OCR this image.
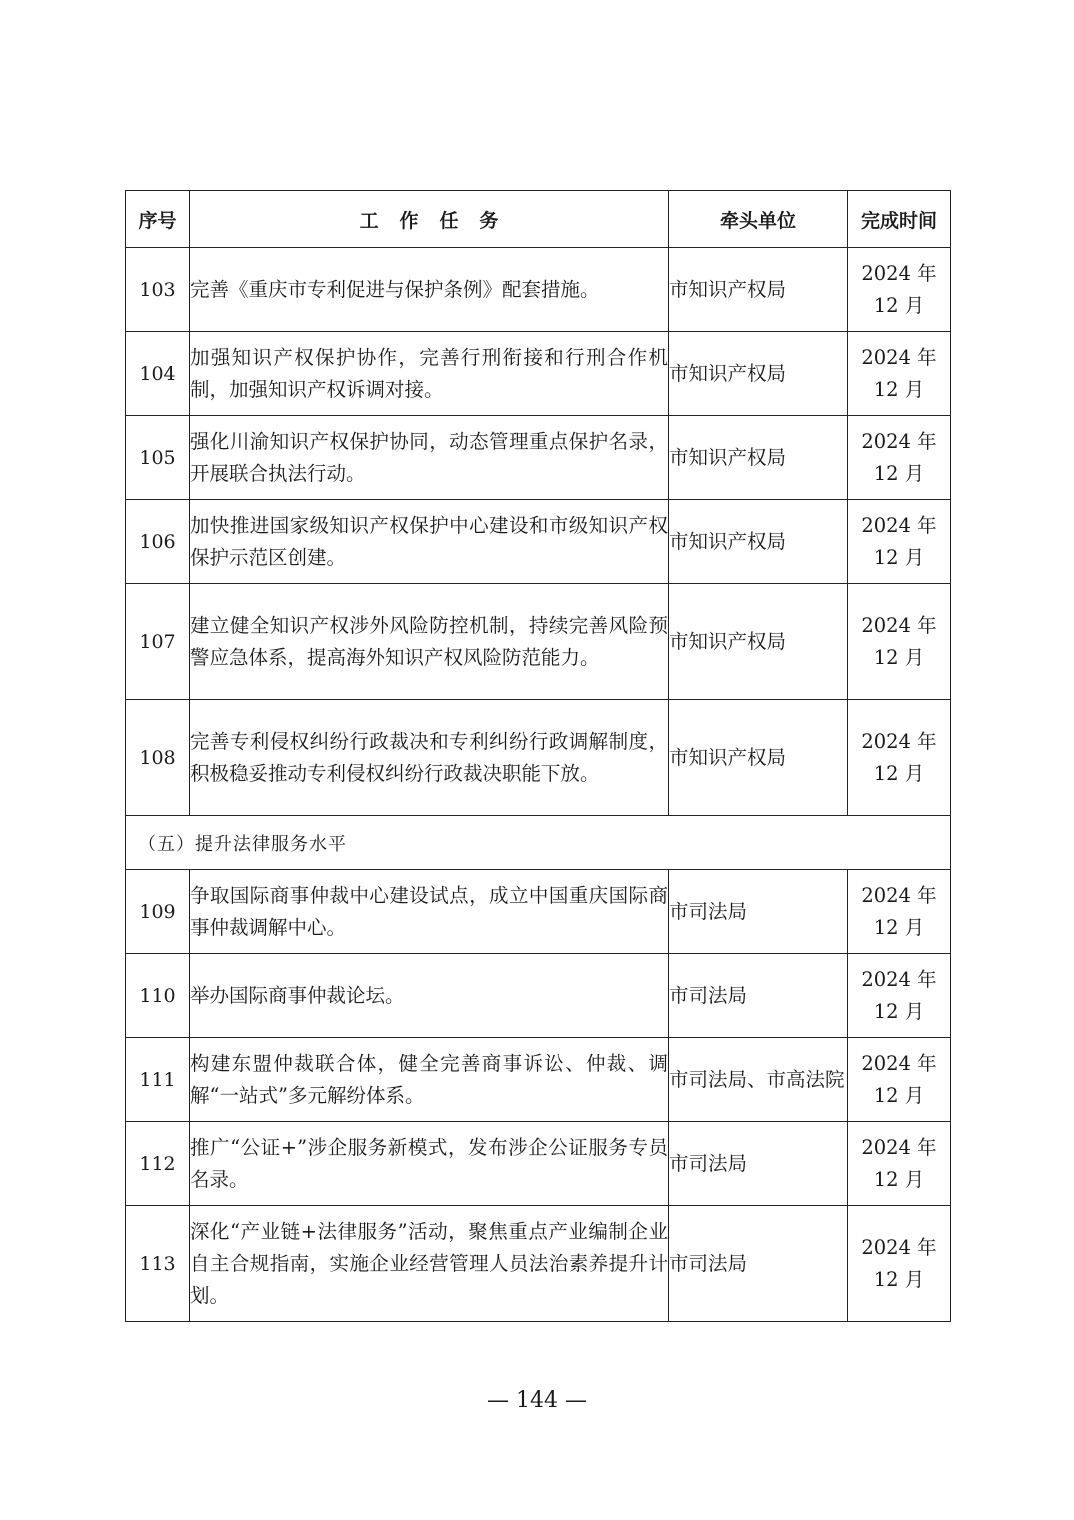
序号	工作任务	牵头单位	完成时间
103	完善《重庆市专利促进与保护条例》配套措施。	市知识产权局	2024 年 12 月
104	加强知识产权保护协作，完善行刑衔接和行刑合作机制，加强知识产权诉调对接。	市知识产权局	2024 年 12 月
105	强化川渝知识产权保护协同，动态管理重点保护名录，开展联合执法行动。	市知识产权局	2024 年 12 月
106	加快推进国家级知识产权保护中心建设和市级知识产权保护示范区创建。	市知识产权局	2024 年 12 月
107	建立健全知识产权涉外风险防控机制，持续完善风险预警应急体系，提高海外知识产权风险防范能力。	市知识产权局	2024 年 12 月
108	完善专利侵权纠纷行政裁决和专利纠纷行政调解制度，积极稳妥推动专利侵权纠纷行政裁决职能下放。	市知识产权局	2024 年 12 月
（五）提升法律服务水平			
109	争取国际商事仲裁中心建设试点，成立中国重庆国际商事仲裁调解中心。	市司法局	2024 年 12 月
110	举办国际商事仲裁论坛。	市司法局	2024 年 12 月
111	构建东盟仲裁联合体，健全完善商事诉讼、仲裁、调解“一站式”多元解纷体系。	市司法局、市高法院	2024 年 12 月
112	推广“公证+”涉企服务新模式，发布涉企公证服务专员名录。	市司法局	2024 年 12 月
113	深化“产业链+法律服务”活动，聚焦重点产业编制企业自主合规指南，实施企业经营管理人员法治素养提升计划。	市司法局	2024 年 12 月
— 144 —
